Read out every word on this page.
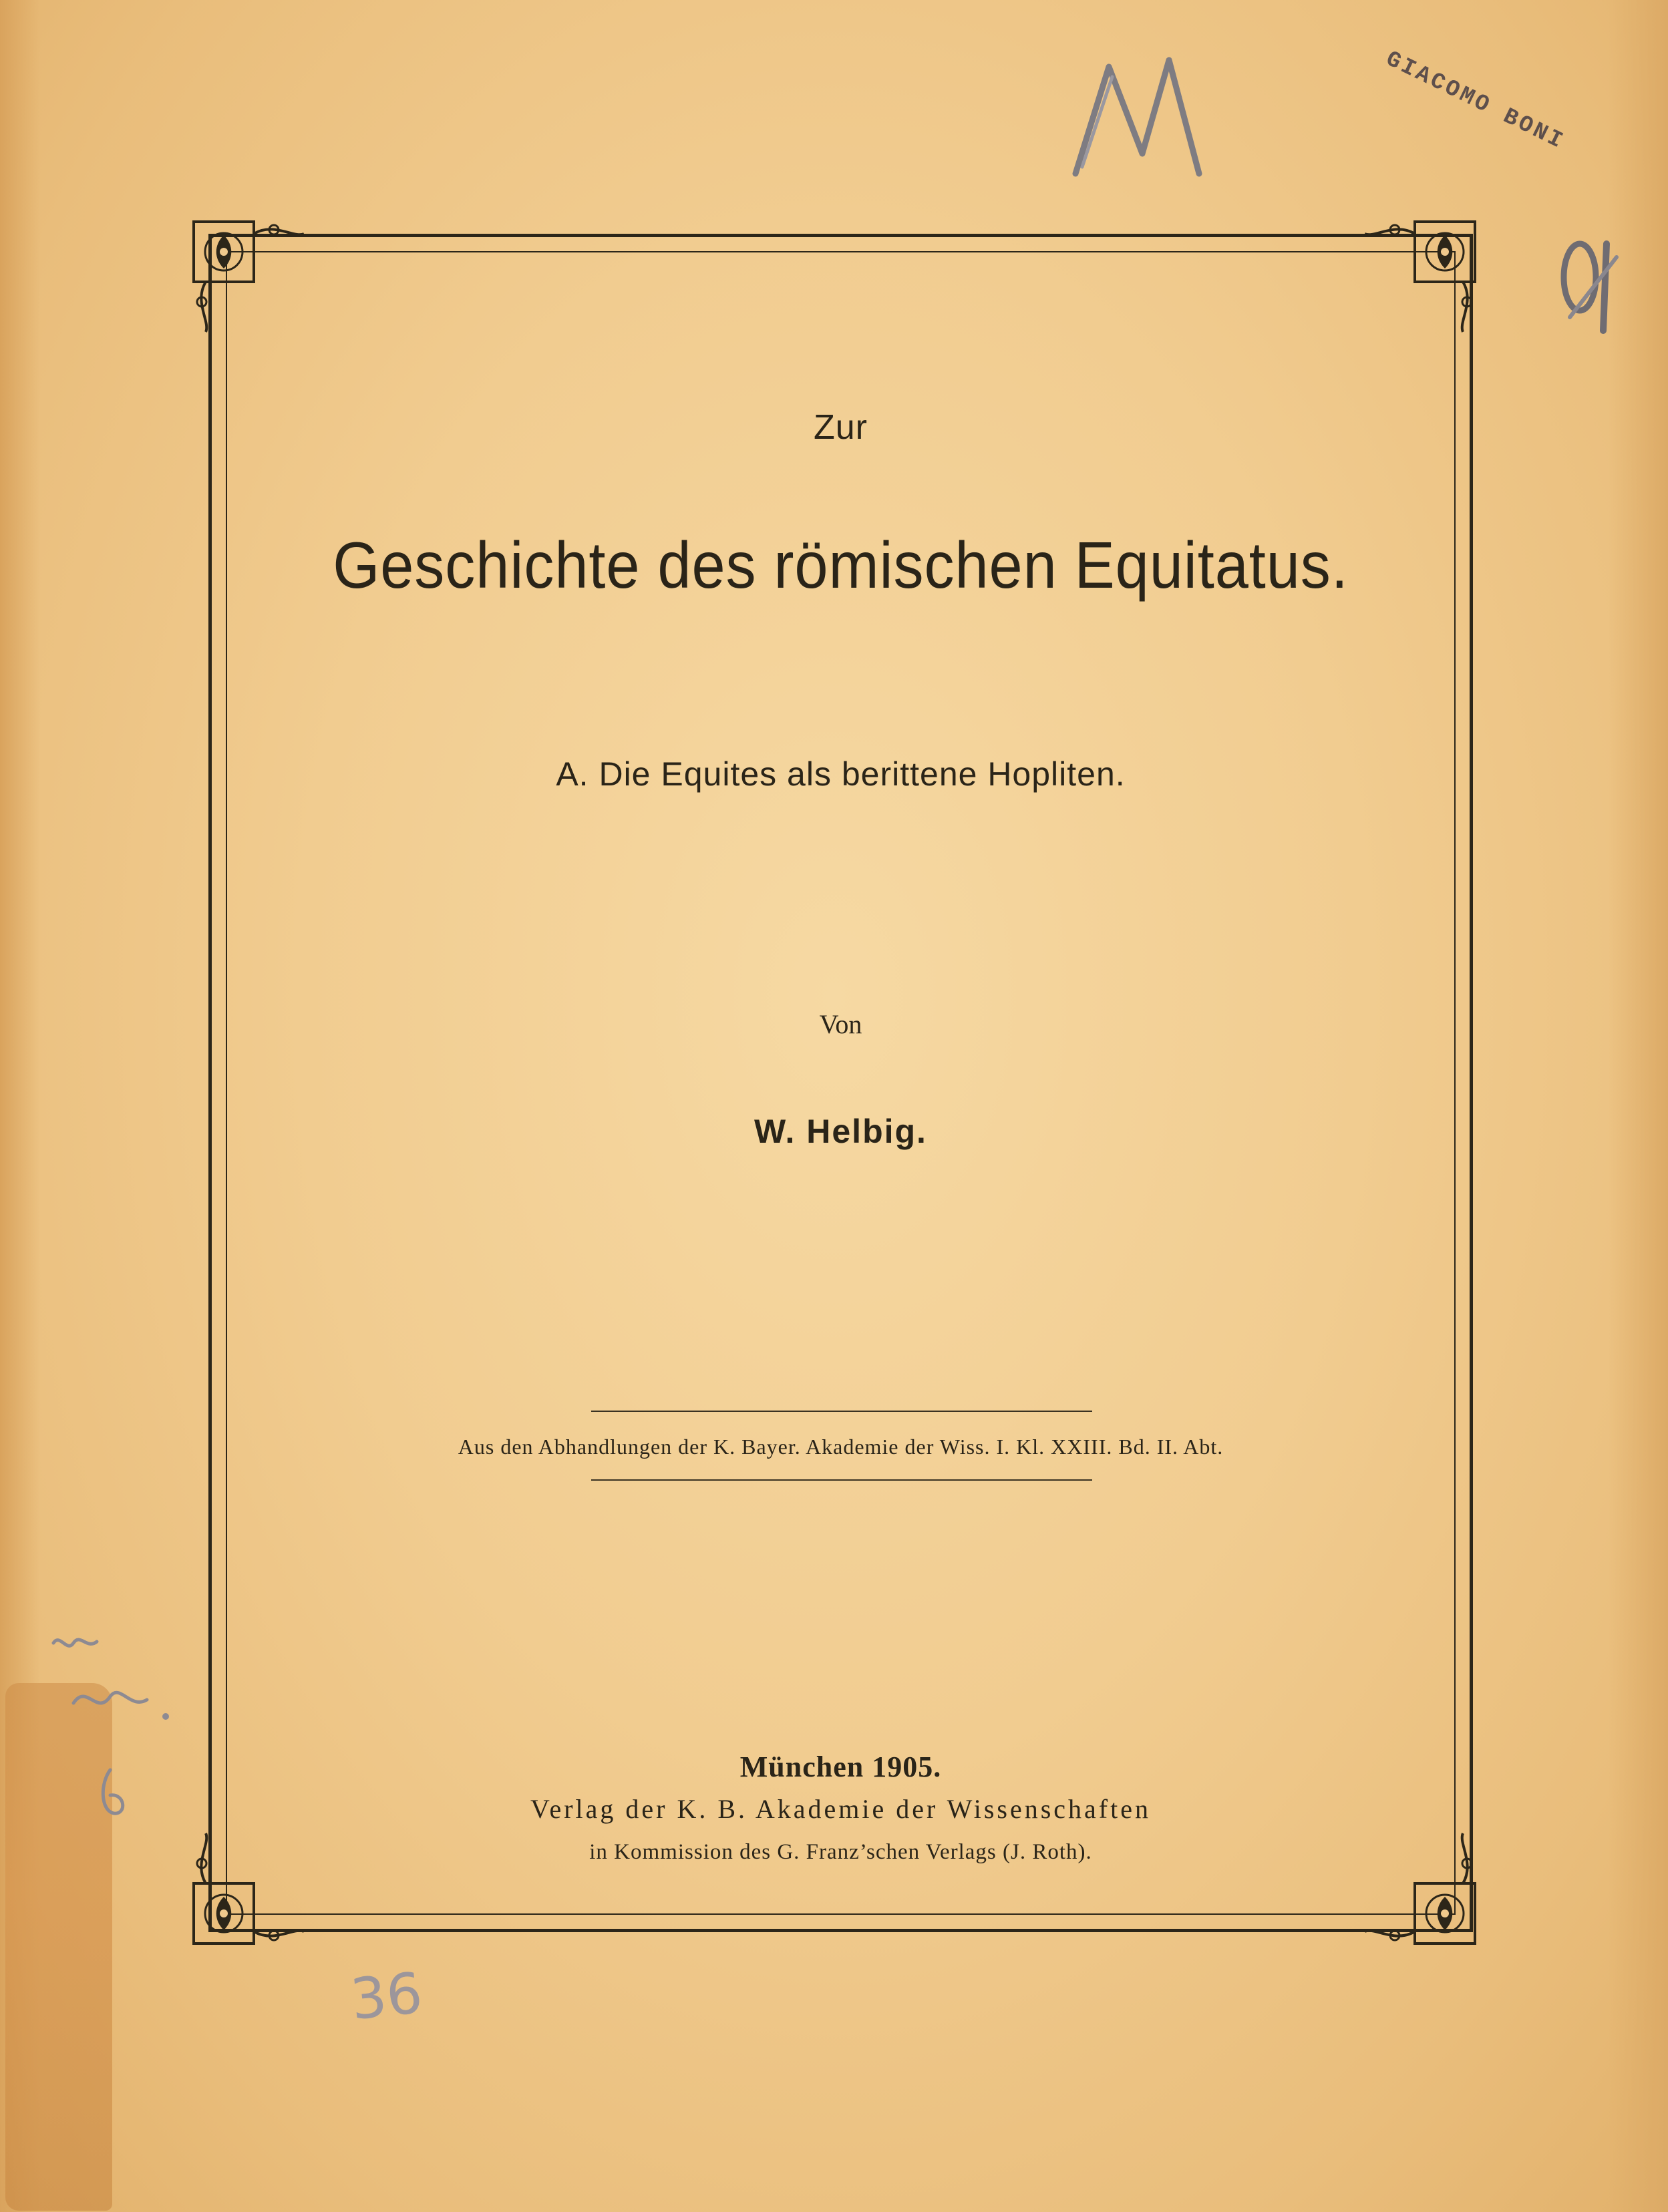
GIACOMO BONI
Zur
Geschichte des römischen Equitatus.
A. Die Equites als berittene Hopliten.
Von
W. Helbig.
Aus den Abhandlungen der K. Bayer. Akademie der Wiss. I. Kl. XXIII. Bd. II. Abt.
München 1905.
Verlag der K. B. Akademie der Wissenschaften
in Kommission des G. Franz’schen Verlags (J. Roth).
36
